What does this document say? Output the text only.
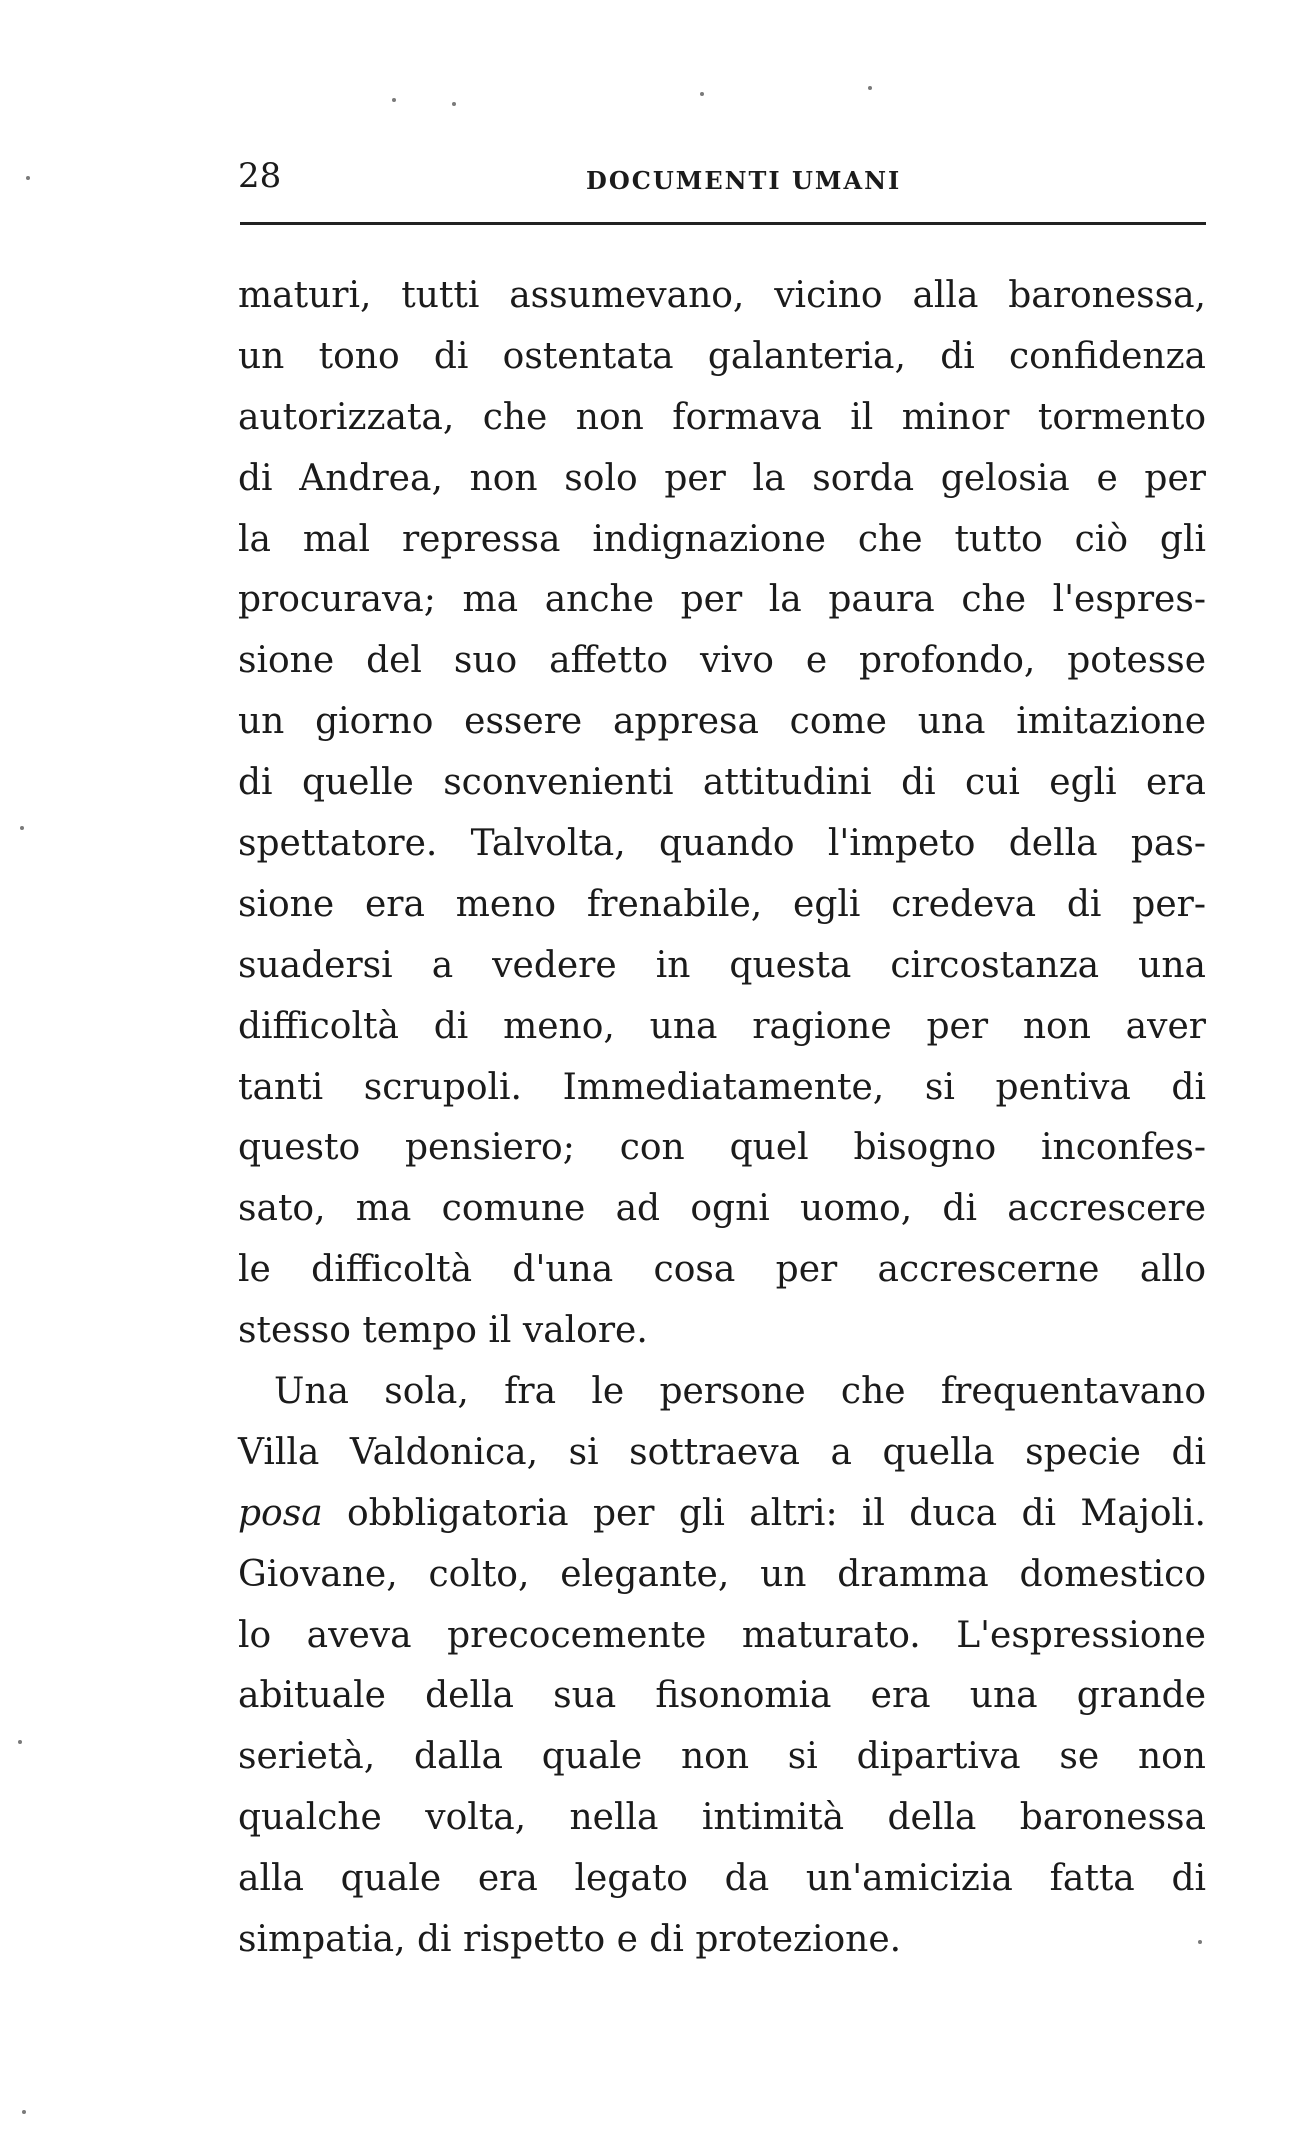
28	DOCUMENTI UMANI
maturi, tutti assumevano, vicino alla baronessa,
un tono di ostentata galanteria, di confidenza
autorizzata, che non formava il minor tormento
di Andrea, non solo per la sorda gelosia e per
la mal repressa indignazione che tutto ciò gli
procurava; ma anche per la paura che l'espres-
sione del suo affetto vivo e profondo, potesse
un giorno essere appresa come una imitazione
di quelle sconvenienti attitudini di cui egli era
spettatore. Talvolta, quando l'impeto della pas-
sione era meno frenabile, egli credeva di per-
suadersi a vedere in questa circostanza una
difficoltà di meno, una ragione per non aver
tanti scrupoli. Immediatamente, si pentiva di
questo pensiero; con quel bisogno inconfes-
sato, ma comune ad ogni uomo, di accrescere
le difficoltà d'una cosa per accrescerne allo
stesso tempo il valore.
Una sola, fra le persone che frequentavano
Villa Valdonica, si sottraeva a quella specie di
posa obbligatoria per gli altri: il duca di Majoli.
Giovane, colto, elegante, un dramma domestico
lo aveva precocemente maturato. L'espressione
abituale della sua fisonomia era una grande
serietà, dalla quale non si dipartiva se non
qualche volta, nella intimità della baronessa
alla quale era legato da un'amicizia fatta di
simpatia, di rispetto e di protezione.
